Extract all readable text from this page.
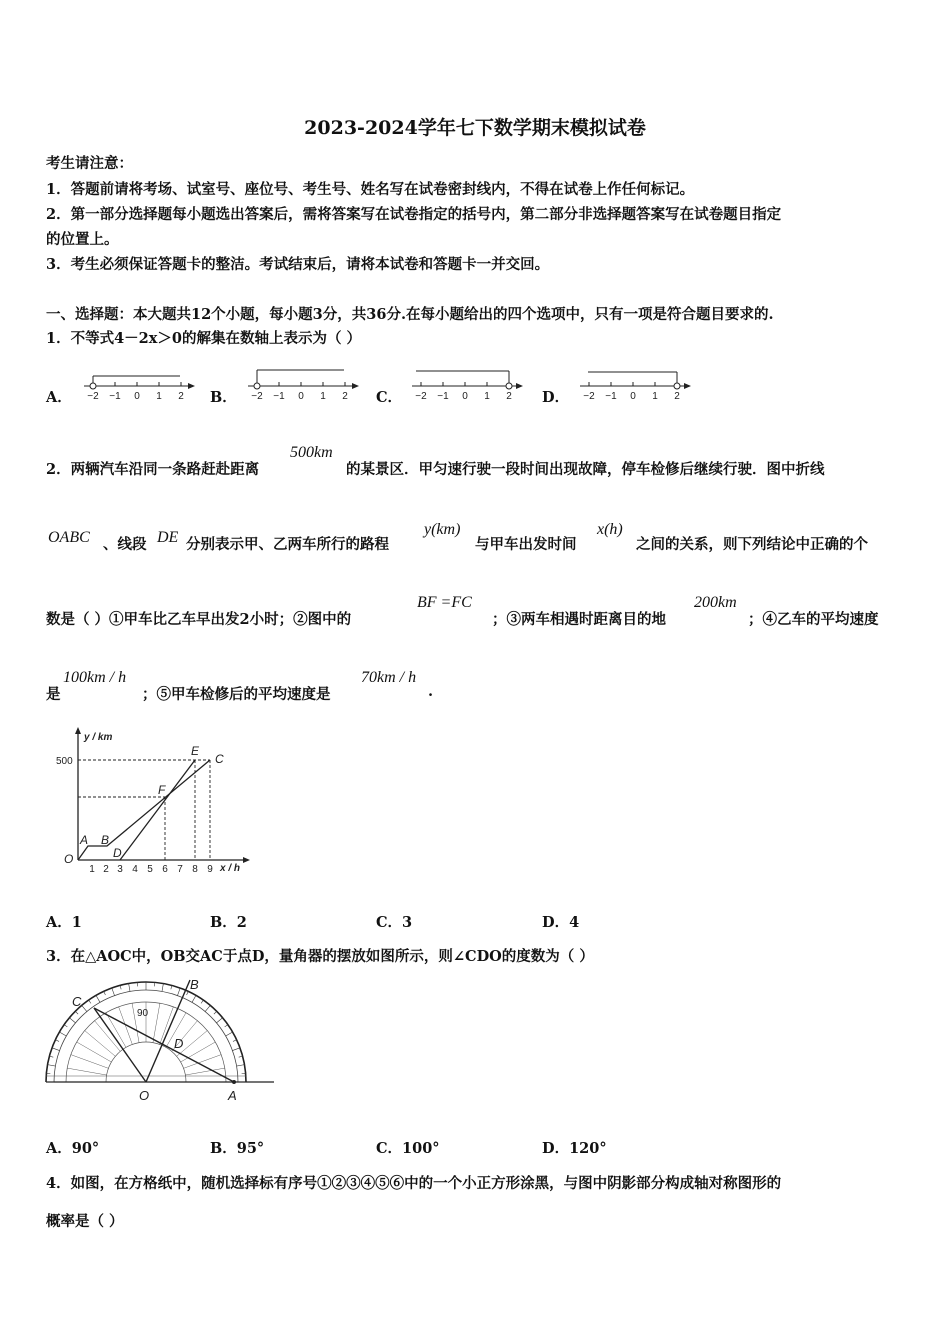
2023-2024学年七下数学期末模拟试卷
考生请注意：
1．答题前请将考场、试室号、座位号、考生号、姓名写在试卷密封线内，不得在试卷上作任何标记。
2．第一部分选择题每小题选出答案后，需将答案写在试卷指定的括号内，第二部分非选择题答案写在试卷题目指定
的位置上。
3．考生必须保证答题卡的整洁。考试结束后，请将本试卷和答题卡一并交回。
一、选择题：本大题共12个小题，每小题3分，共36分.在每小题给出的四个选项中，只有一项是符合题目要求的.
1．不等式4－2x＞0的解集在数轴上表示为（ ）
A．	B．	C．	D．
−2 −1 0 1 2	−2 −1 0 1 2	−2 −1 0 1 2	−2 −1 0 1 2
2．两辆汽车沿同一条路赶赴距离
500km
的某景区．甲匀速行驶一段时间出现故障，停车检修后继续行驶．图中折线
OABC 、线段 DE 分别表示甲、乙两车所行的路程
y(km)
与甲车出发时间
x(h)
之间的关系，则下列结论中正确的个
数是（ ）①甲车比乙车早出发2小时；②图中的
BF =FC
；③两车相遇时距离目的地
200km
；④乙车的平均速度
是
100km / h
；⑤甲车检修后的平均速度是
70km / h
.
y / km
x / h
500
O
1 2 3 4 5 6 7 8 9
A B
D
F
E
C
A．1	B．2	C．3	D．4
3．在△AOC中，OB交AC于点D，量角器的摆放如图所示，则∠CDO的度数为（ ）
90
C
B
D
O	A
A．90°	B．95°	C．100°	D．120°
4．如图，在方格纸中，随机选择标有序号①②③④⑤⑥中的一个小正方形涂黑，与图中阴影部分构成轴对称图形的
概率是（ ）
